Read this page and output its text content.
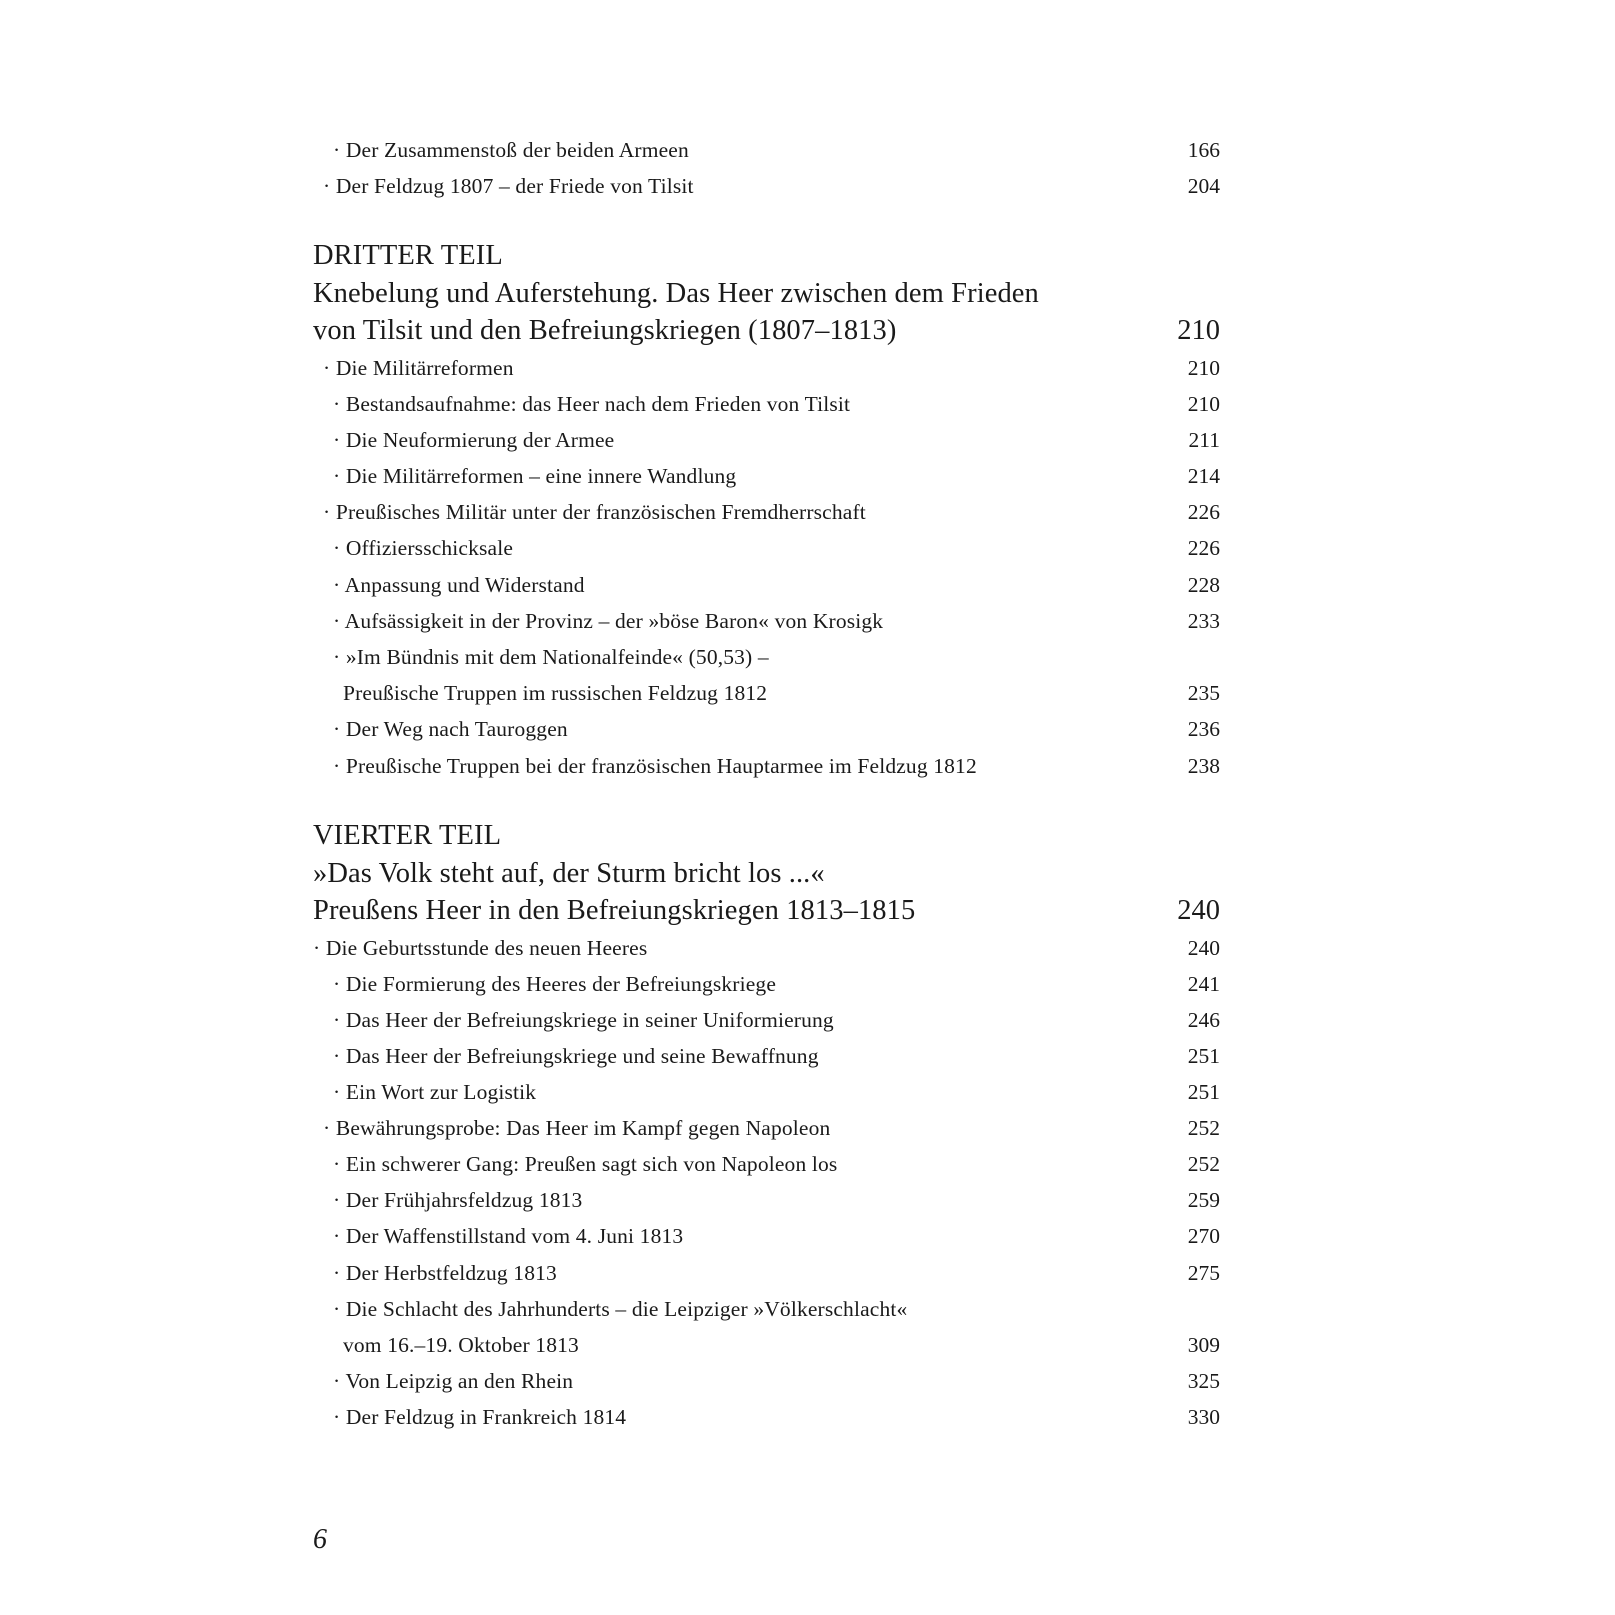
· Der Zusammenstoß der beiden Armeen	166
· Der Feldzug 1807 – der Friede von Tilsit	204
DRITTER TEIL
Knebelung und Auferstehung. Das Heer zwischen dem Frieden
von Tilsit und den Befreiungskriegen (1807–1813)	210
· Die Militärreformen	210
· Bestandsaufnahme: das Heer nach dem Frieden von Tilsit	210
· Die Neuformierung der Armee	211
· Die Militärreformen – eine innere Wandlung	214
· Preußisches Militär unter der französischen Fremdherrschaft	226
· Offiziersschicksale	226
· Anpassung und Widerstand	228
· Aufsässigkeit in der Provinz – der »böse Baron« von Krosigk	233
· »Im Bündnis mit dem Nationalfeinde« (50,53) –
Preußische Truppen im russischen Feldzug 1812	235
· Der Weg nach Tauroggen	236
· Preußische Truppen bei der französischen Hauptarmee im Feldzug 1812	238
VIERTER TEIL
»Das Volk steht auf, der Sturm bricht los ...«
Preußens Heer in den Befreiungskriegen 1813–1815	240
· Die Geburtsstunde des neuen Heeres	240
· Die Formierung des Heeres der Befreiungskriege	241
· Das Heer der Befreiungskriege in seiner Uniformierung	246
· Das Heer der Befreiungskriege und seine Bewaffnung	251
· Ein Wort zur Logistik	251
· Bewährungsprobe: Das Heer im Kampf gegen Napoleon	252
· Ein schwerer Gang: Preußen sagt sich von Napoleon los	252
· Der Frühjahrsfeldzug 1813	259
· Der Waffenstillstand vom 4. Juni 1813	270
· Der Herbstfeldzug 1813	275
· Die Schlacht des Jahrhunderts – die Leipziger »Völkerschlacht«
vom 16.–19. Oktober 1813	309
· Von Leipzig an den Rhein	325
· Der Feldzug in Frankreich 1814	330
6
